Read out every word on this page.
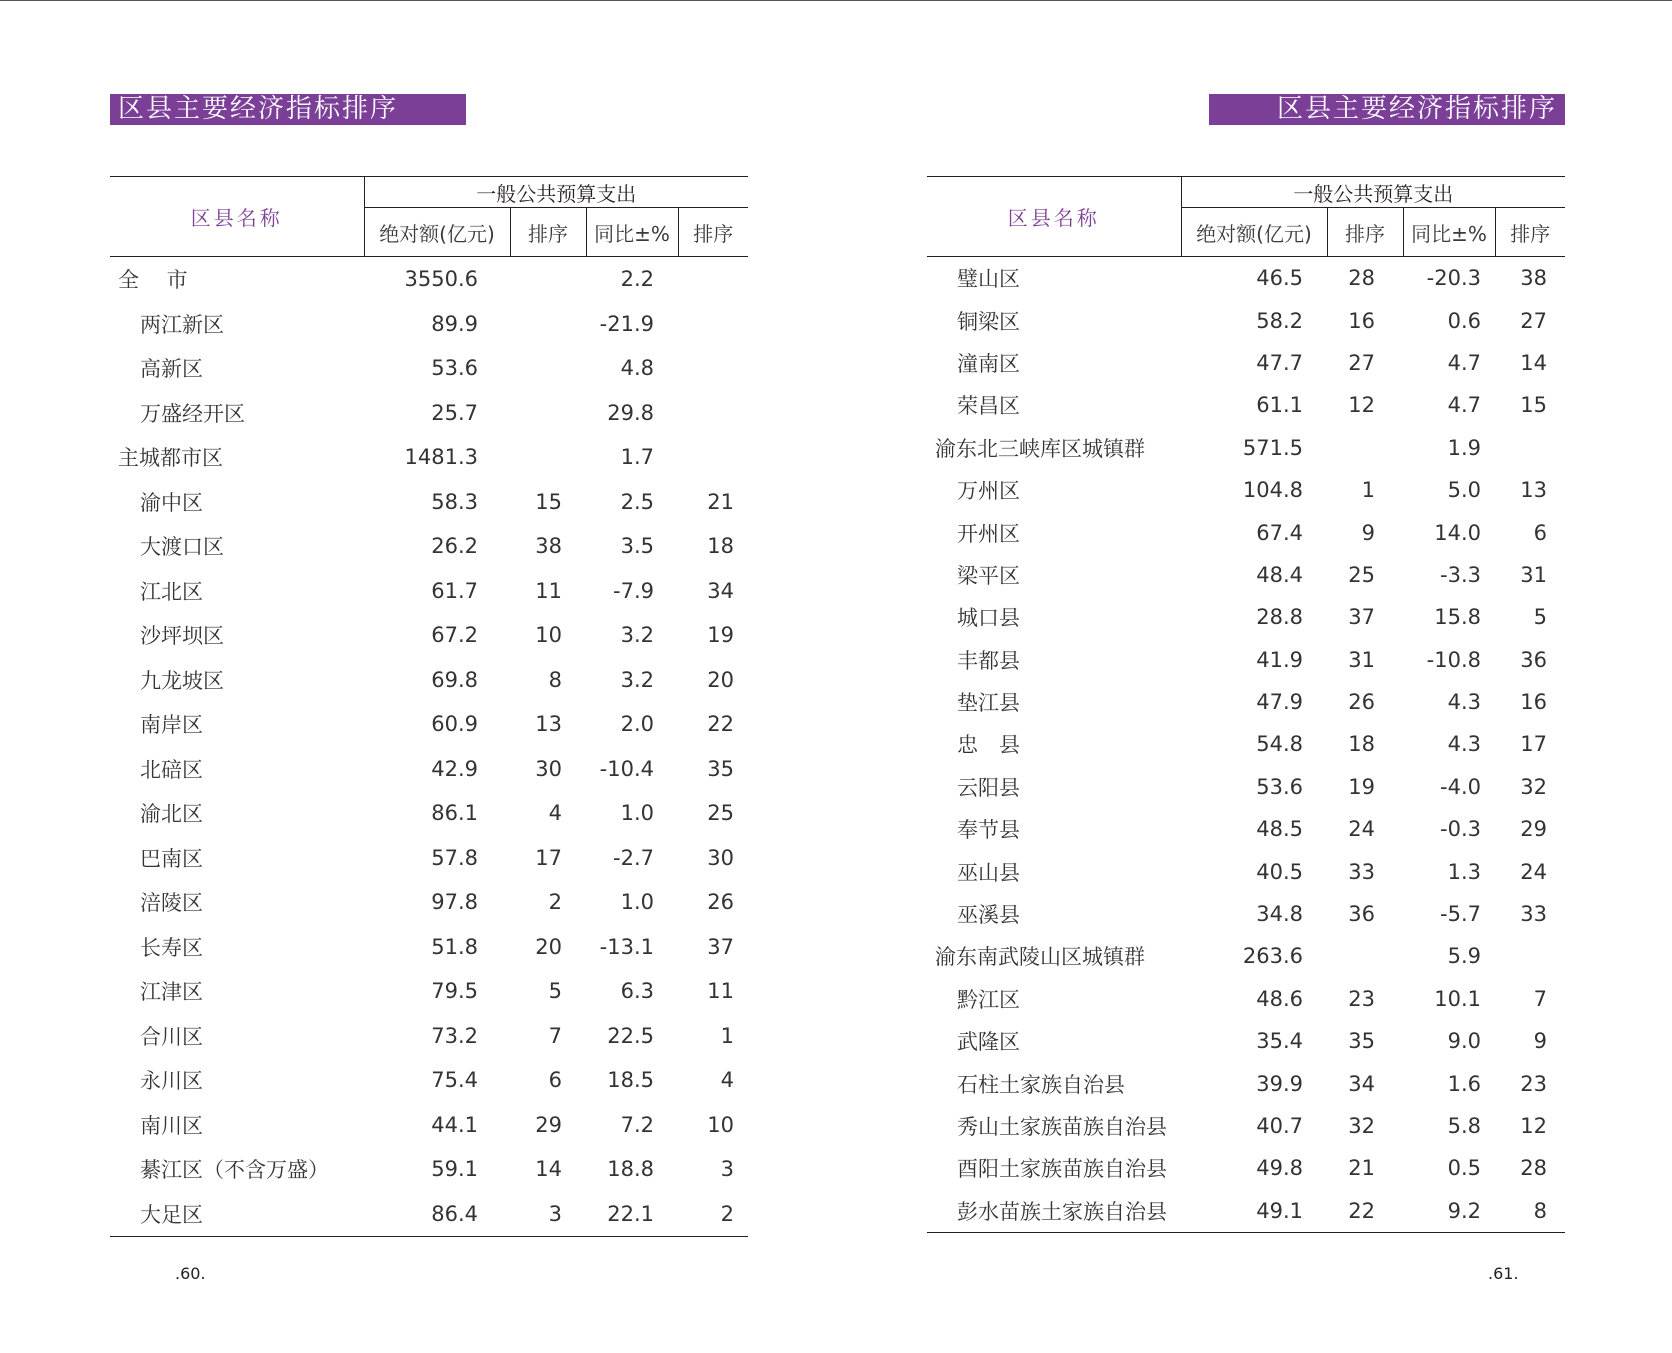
区县主要经济指标排序
区县名称	一般公共预算支出			
	绝对额(亿元)	排序	同比±%	排序
全　 市	3550.6		2.2	
两江新区	89.9		-21.9	
高新区	53.6		4.8	
万盛经开区	25.7		29.8	
主城都市区	1481.3		1.7	
渝中区	58.3	15	2.5	21
大渡口区	26.2	38	3.5	18
江北区	61.7	11	-7.9	34
沙坪坝区	67.2	10	3.2	19
九龙坡区	69.8	8	3.2	20
南岸区	60.9	13	2.0	22
北碚区	42.9	30	-10.4	35
渝北区	86.1	4	1.0	25
巴南区	57.8	17	-2.7	30
涪陵区	97.8	2	1.0	26
长寿区	51.8	20	-13.1	37
江津区	79.5	5	6.3	11
合川区	73.2	7	22.5	1
永川区	75.4	6	18.5	4
南川区	44.1	29	7.2	10
綦江区（不含万盛）	59.1	14	18.8	3
大足区	86.4	3	22.1	2
.60.
区县主要经济指标排序
区县名称	一般公共预算支出			
	绝对额(亿元)	排序	同比±%	排序
璧山区	46.5	28	-20.3	38
铜梁区	58.2	16	0.6	27
潼南区	47.7	27	4.7	14
荣昌区	61.1	12	4.7	15
渝东北三峡库区城镇群	571.5		1.9	
万州区	104.8	1	5.0	13
开州区	67.4	9	14.0	6
梁平区	48.4	25	-3.3	31
城口县	28.8	37	15.8	5
丰都县	41.9	31	-10.8	36
垫江县	47.9	26	4.3	16
忠　县	54.8	18	4.3	17
云阳县	53.6	19	-4.0	32
奉节县	48.5	24	-0.3	29
巫山县	40.5	33	1.3	24
巫溪县	34.8	36	-5.7	33
渝东南武陵山区城镇群	263.6		5.9	
黔江区	48.6	23	10.1	7
武隆区	35.4	35	9.0	9
石柱土家族自治县	39.9	34	1.6	23
秀山土家族苗族自治县	40.7	32	5.8	12
酉阳土家族苗族自治县	49.8	21	0.5	28
彭水苗族土家族自治县	49.1	22	9.2	8
.61.
